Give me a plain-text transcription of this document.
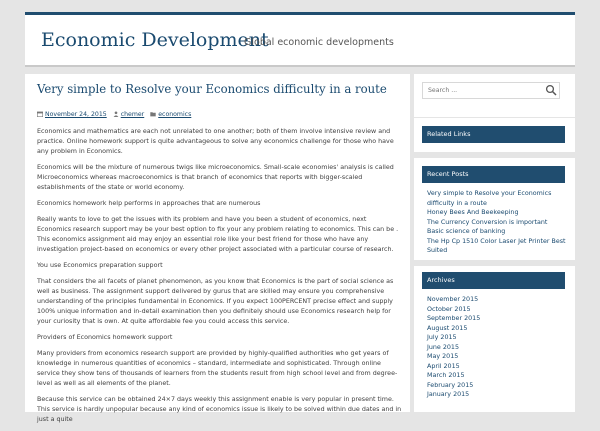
Economic Development
Global economic developments
Very simple to Resolve your Economics difficulty in a route
November 24, 2015 chemer economics

Economics and mathematics are each not unrelated to one another; both of them involve intensive review and practice. Online homework support is quite advantageous to solve any economics challenge for those who have any problem in Economics.

Economics will be the mixture of numerous twigs like microeconomics. Small-scale economies' analysis is called Microeconomics whereas macroeconomics is that branch of economics that reports with bigger-scaled establishments of the state or world economy.

Economics homework help performs in approaches that are numerous

Really wants to love to get the issues with its problem and have you been a student of economics, next Economics research support may be your best option to fix your any problem relating to economics. This can be . This economics assignment aid may enjoy an essential role like your best friend for those who have any investigation project-based on economics or every other project associated with a particular course of research.

You use Economics preparation support

That considers the all facets of planet phenomenon, as you know that Economics is the part of social science as well as business. The assignment support delivered by gurus that are skilled may ensure you comprehensive understanding of the principles fundamental in Economics. If you expect 100PERCENT precise effect and supply 100% unique information and in-detail examination then you definitely should use Economics research help for your curiosity that is own. At quite affordable fee you could access this service.

Providers of Economics homework support

Many providers from economics research support are provided by highly-qualified authorities who get years of knowledge in numerous quantities of economics – standard, intermediate and sophisticated. Through online service they show tens of thousands of learners from the students result from high school level and from degree-level as well as all elements of the planet.

Because this service can be obtained 24×7 days weekly this assignment enable is very popular in present time. This service is hardly unpopular because any kind of economics issue is likely to be solved within due dates and in just a quite

Search ...
Related Links
Recent Posts
Very simple to Resolve your Economics difficulty in a route
Honey Bees And Beekeeping
The Currency Conversion is important
Basic science of banking
The Hp Cp 1510 Color Laser Jet Printer Best Suited
Archives
November 2015
October 2015
September 2015
August 2015
July 2015
June 2015
May 2015
April 2015
March 2015
February 2015
January 2015
